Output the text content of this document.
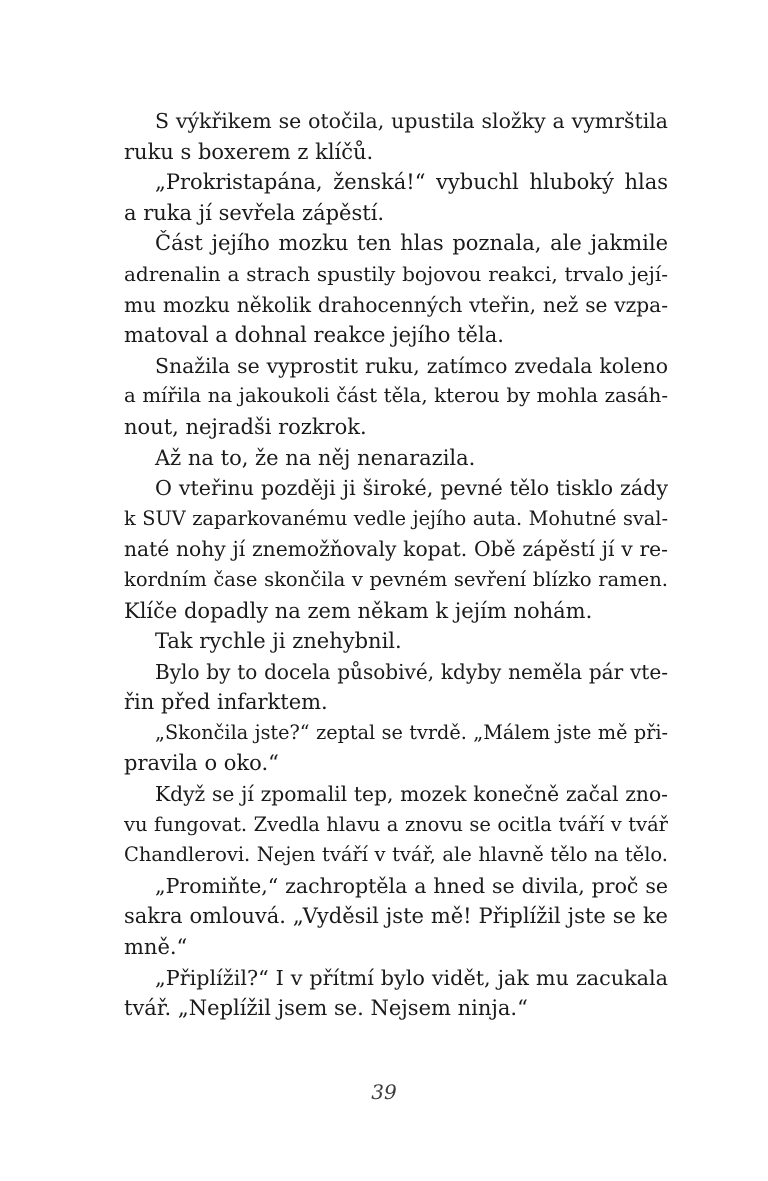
S výkřikem se otočila, upustila složky a vymrštila
ruku s boxerem z klíčů.
„Prokristapána, ženská!“ vybuchl hluboký hlas
a ruka jí sevřela zápěstí.
Část jejího mozku ten hlas poznala, ale jakmile
adrenalin a strach spustily bojovou reakci, trvalo její-
mu mozku několik drahocenných vteřin, než se vzpa-
matoval a dohnal reakce jejího těla.
Snažila se vyprostit ruku, zatímco zvedala koleno
a mířila na jakoukoli část těla, kterou by mohla zasáh-
nout, nejradši rozkrok.
Až na to, že na něj nenarazila.
O vteřinu později ji široké, pevné tělo tisklo zády
k SUV zaparkovanému vedle jejího auta. Mohutné sval-
naté nohy jí znemožňovaly kopat. Obě zápěstí jí v re-
kordním čase skončila v pevném sevření blízko ramen.
Klíče dopadly na zem někam k jejím nohám.
Tak rychle ji znehybnil.
Bylo by to docela působivé, kdyby neměla pár vte-
řin před infarktem.
„Skončila jste?“ zeptal se tvrdě. „Málem jste mě při-
pravila o oko.“
Když se jí zpomalil tep, mozek konečně začal zno-
vu fungovat. Zvedla hlavu a znovu se ocitla tváří v tvář
Chandlerovi. Nejen tváří v tvář, ale hlavně tělo na tělo.
„Promiňte,“ zachroptěla a hned se divila, proč se
sakra omlouvá. „Vyděsil jste mě! Připlížil jste se ke
mně.“
„Připlížil?“ I v přítmí bylo vidět, jak mu zacukala
tvář. „Neplížil jsem se. Nejsem ninja.“
39
